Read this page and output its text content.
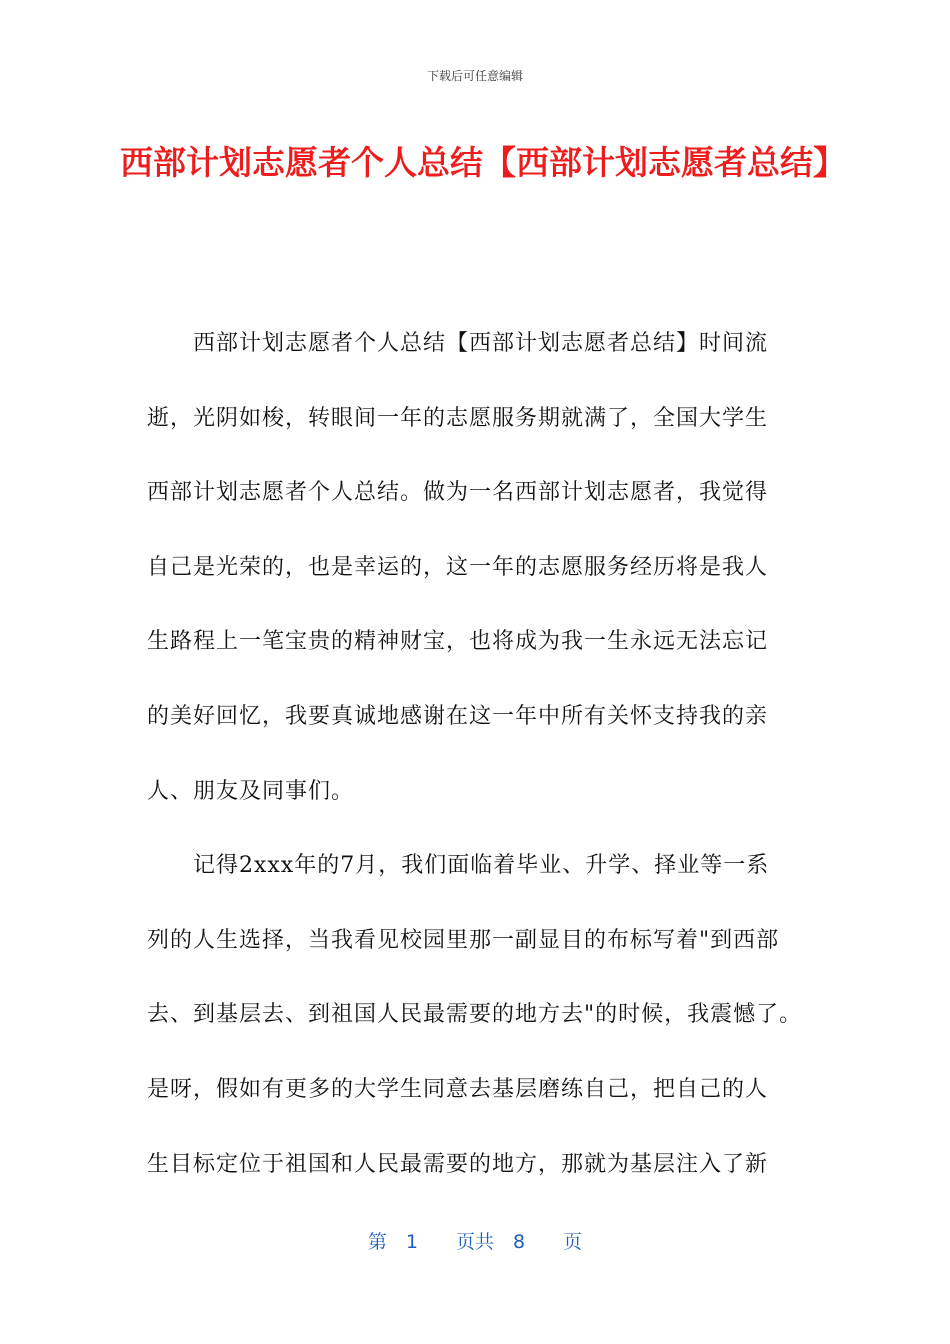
下载后可任意编辑
西部计划志愿者个人总结【西部计划志愿者总结】
　　西部计划志愿者个人总结【西部计划志愿者总结】时间流
逝，光阴如梭，转眼间一年的志愿服务期就满了，全国大学生
西部计划志愿者个人总结。做为一名西部计划志愿者，我觉得
自己是光荣的，也是幸运的，这一年的志愿服务经历将是我人
生路程上一笔宝贵的精神财宝，也将成为我一生永远无法忘记
的美好回忆，我要真诚地感谢在这一年中所有关怀支持我的亲
人、朋友及同事们。
　　记得2xxx年的7月，我们面临着毕业、升学、择业等一系
列的人生选择，当我看见校园里那一副显目的布标写着"到西部
去、到基层去、到祖国人民最需要的地方去"的时候，我震憾了。
是呀，假如有更多的大学生同意去基层磨练自己，把自己的人
生目标定位于祖国和人民最需要的地方，那就为基层注入了新
第　1　　页共　8　　页
